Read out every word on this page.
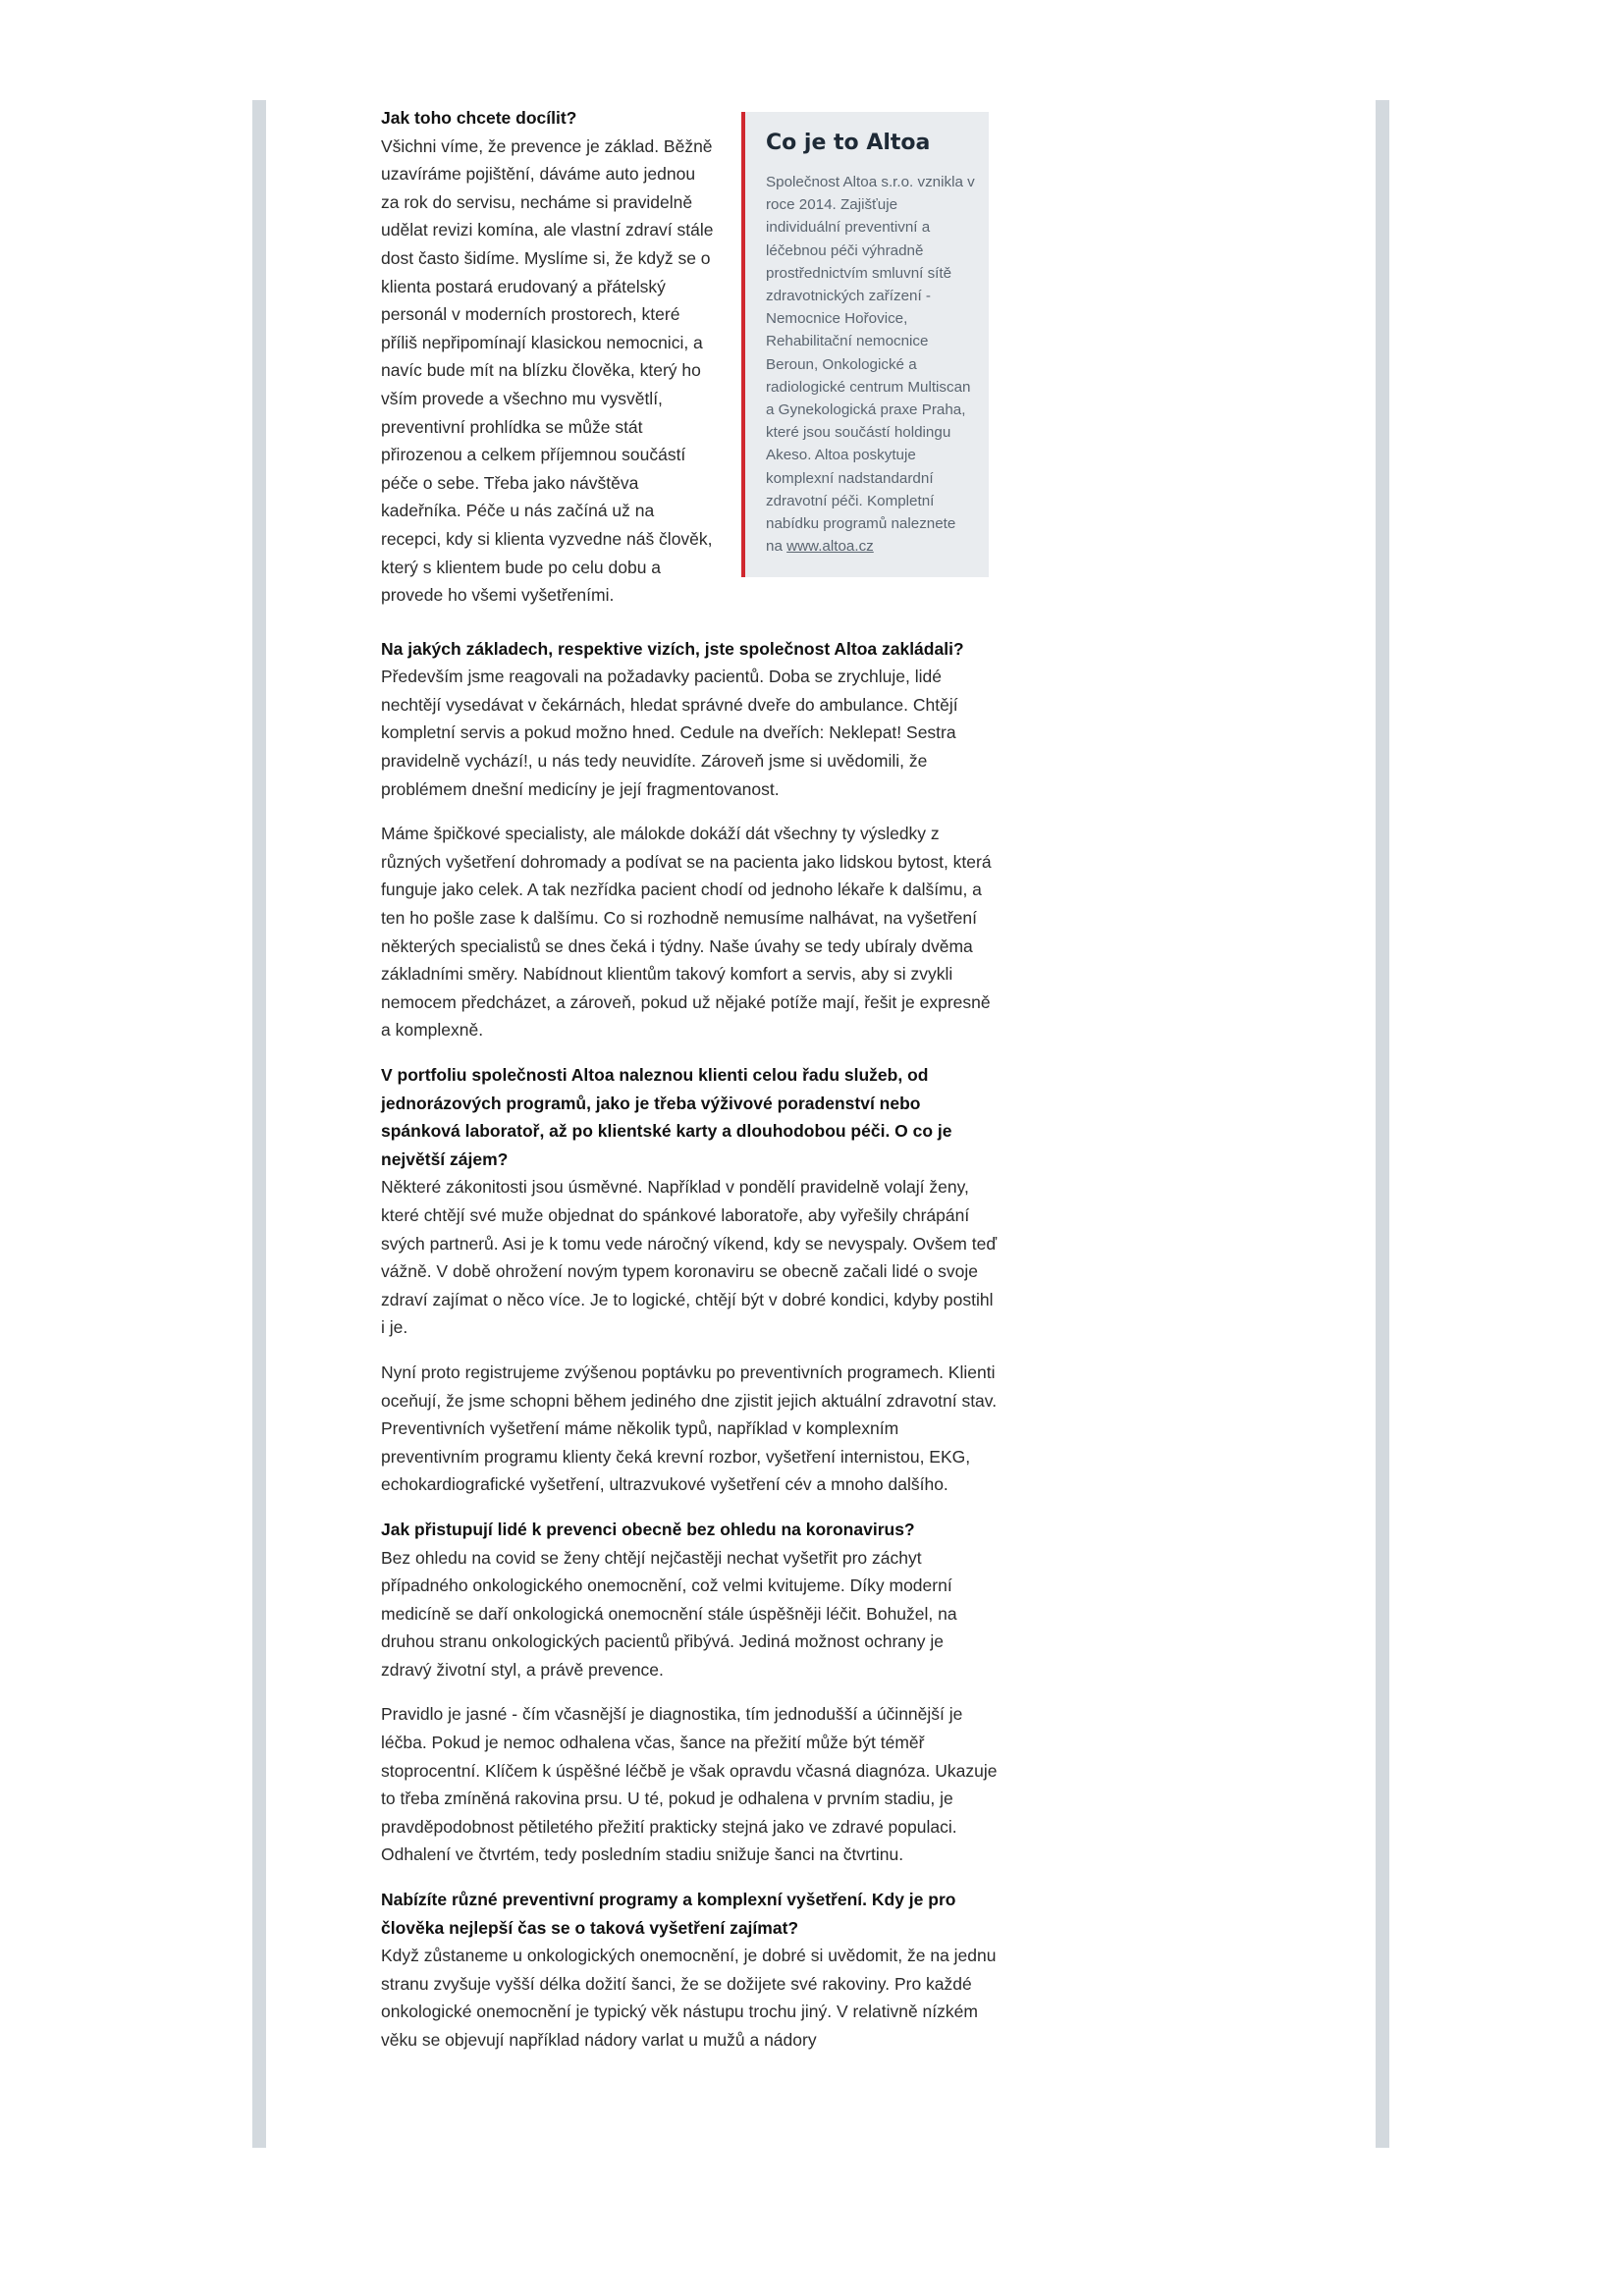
Jak toho chcete docílit?

Všichni víme, že prevence je základ. Běžně uzavíráme pojištění, dáváme auto jednou za rok do servisu, necháme si pravidelně udělat revizi komína, ale vlastní zdraví stále dost často šidíme. Myslíme si, že když se o klienta postará erudovaný a přátelský personál v moderních prostorech, které příliš nepřipomínají klasickou nemocnici, a navíc bude mít na blízku člověka, který ho vším provede a všechno mu vysvětlí, preventivní prohlídka se může stát přirozenou a celkem příjemnou součástí péče o sebe. Třeba jako návštěva kadeřníka. Péče u nás začíná už na recepci, kdy si klienta vyzvedne náš člověk, který s klientem bude po celu dobu a provede ho všemi vyšetřeními.

Co je to Altoa

Společnost Altoa s.r.o. vznikla v roce 2014. Zajišťuje individuální preventivní a léčebnou péči výhradně prostřednictvím smluvní sítě zdravotnických zařízení - Nemocnice Hořovice, Rehabilitační nemocnice Beroun, Onkologické a radiologické centrum Multiscan a Gynekologická praxe Praha, které jsou součástí holdingu Akeso. Altoa poskytuje komplexní nadstandardní zdravotní péči. Kompletní nabídku programů naleznete na www.altoa.cz

Na jakých základech, respektive vizích, jste společnost Altoa zakládali?

Především jsme reagovali na požadavky pacientů. Doba se zrychluje, lidé nechtějí vysedávat v čekárnách, hledat správné dveře do ambulance. Chtějí kompletní servis a pokud možno hned. Cedule na dveřích: Neklepat! Sestra pravidelně vychází!, u nás tedy neuvidíte. Zároveň jsme si uvědomili, že problémem dnešní medicíny je její fragmentovanost.

Máme špičkové specialisty, ale málokde dokáží dát všechny ty výsledky z různých vyšetření dohromady a podívat se na pacienta jako lidskou bytost, která funguje jako celek. A tak nezřídka pacient chodí od jednoho lékaře k dalšímu, a ten ho pošle zase k dalšímu. Co si rozhodně nemusíme nalhávat, na vyšetření některých specialistů se dnes čeká i týdny. Naše úvahy se tedy ubíraly dvěma základními směry. Nabídnout klientům takový komfort a servis, aby si zvykli nemocem předcházet, a zároveň, pokud už nějaké potíže mají, řešit je expresně a komplexně.

V portfoliu společnosti Altoa naleznou klienti celou řadu služeb, od jednorázových programů, jako je třeba výživové poradenství nebo spánková laboratoř, až po klientské karty a dlouhodobou péči. O co je největší zájem?

Některé zákonitosti jsou úsměvné. Například v pondělí pravidelně volají ženy, které chtějí své muže objednat do spánkové laboratoře, aby vyřešily chrápání svých partnerů. Asi je k tomu vede náročný víkend, kdy se nevyspaly. Ovšem teď vážně. V době ohrožení novým typem koronaviru se obecně začali lidé o svoje zdraví zajímat o něco více. Je to logické, chtějí být v dobré kondici, kdyby postihl i je.

Nyní proto registrujeme zvýšenou poptávku po preventivních programech. Klienti oceňují, že jsme schopni během jediného dne zjistit jejich aktuální zdravotní stav. Preventivních vyšetření máme několik typů, například v komplexním preventivním programu klienty čeká krevní rozbor, vyšetření internistou, EKG, echokardiografické vyšetření, ultrazvukové vyšetření cév a mnoho dalšího.

Jak přistupují lidé k prevenci obecně bez ohledu na koronavirus?

Bez ohledu na covid se ženy chtějí nejčastěji nechat vyšetřit pro záchyt případného onkologického onemocnění, což velmi kvitujeme. Díky moderní medicíně se daří onkologická onemocnění stále úspěšněji léčit. Bohužel, na druhou stranu onkologických pacientů přibývá. Jediná možnost ochrany je zdravý životní styl, a právě prevence.

Pravidlo je jasné - čím včasnější je diagnostika, tím jednodušší a účinnější je léčba. Pokud je nemoc odhalena včas, šance na přežití může být téměř stoprocentní. Klíčem k úspěšné léčbě je však opravdu včasná diagnóza. Ukazuje to třeba zmíněná rakovina prsu. U té, pokud je odhalena v prvním stadiu, je pravděpodobnost pětiletého přežití prakticky stejná jako ve zdravé populaci. Odhalení ve čtvrtém, tedy posledním stadiu snižuje šanci na čtvrtinu.

Nabízíte různé preventivní programy a komplexní vyšetření. Kdy je pro člověka nejlepší čas se o taková vyšetření zajímat?

Když zůstaneme u onkologických onemocnění, je dobré si uvědomit, že na jednu stranu zvyšuje vyšší délka dožití šanci, že se dožijete své rakoviny. Pro každé onkologické onemocnění je typický věk nástupu trochu jiný. V relativně nízkém věku se objevují například nádory varlat u mužů a nádory
